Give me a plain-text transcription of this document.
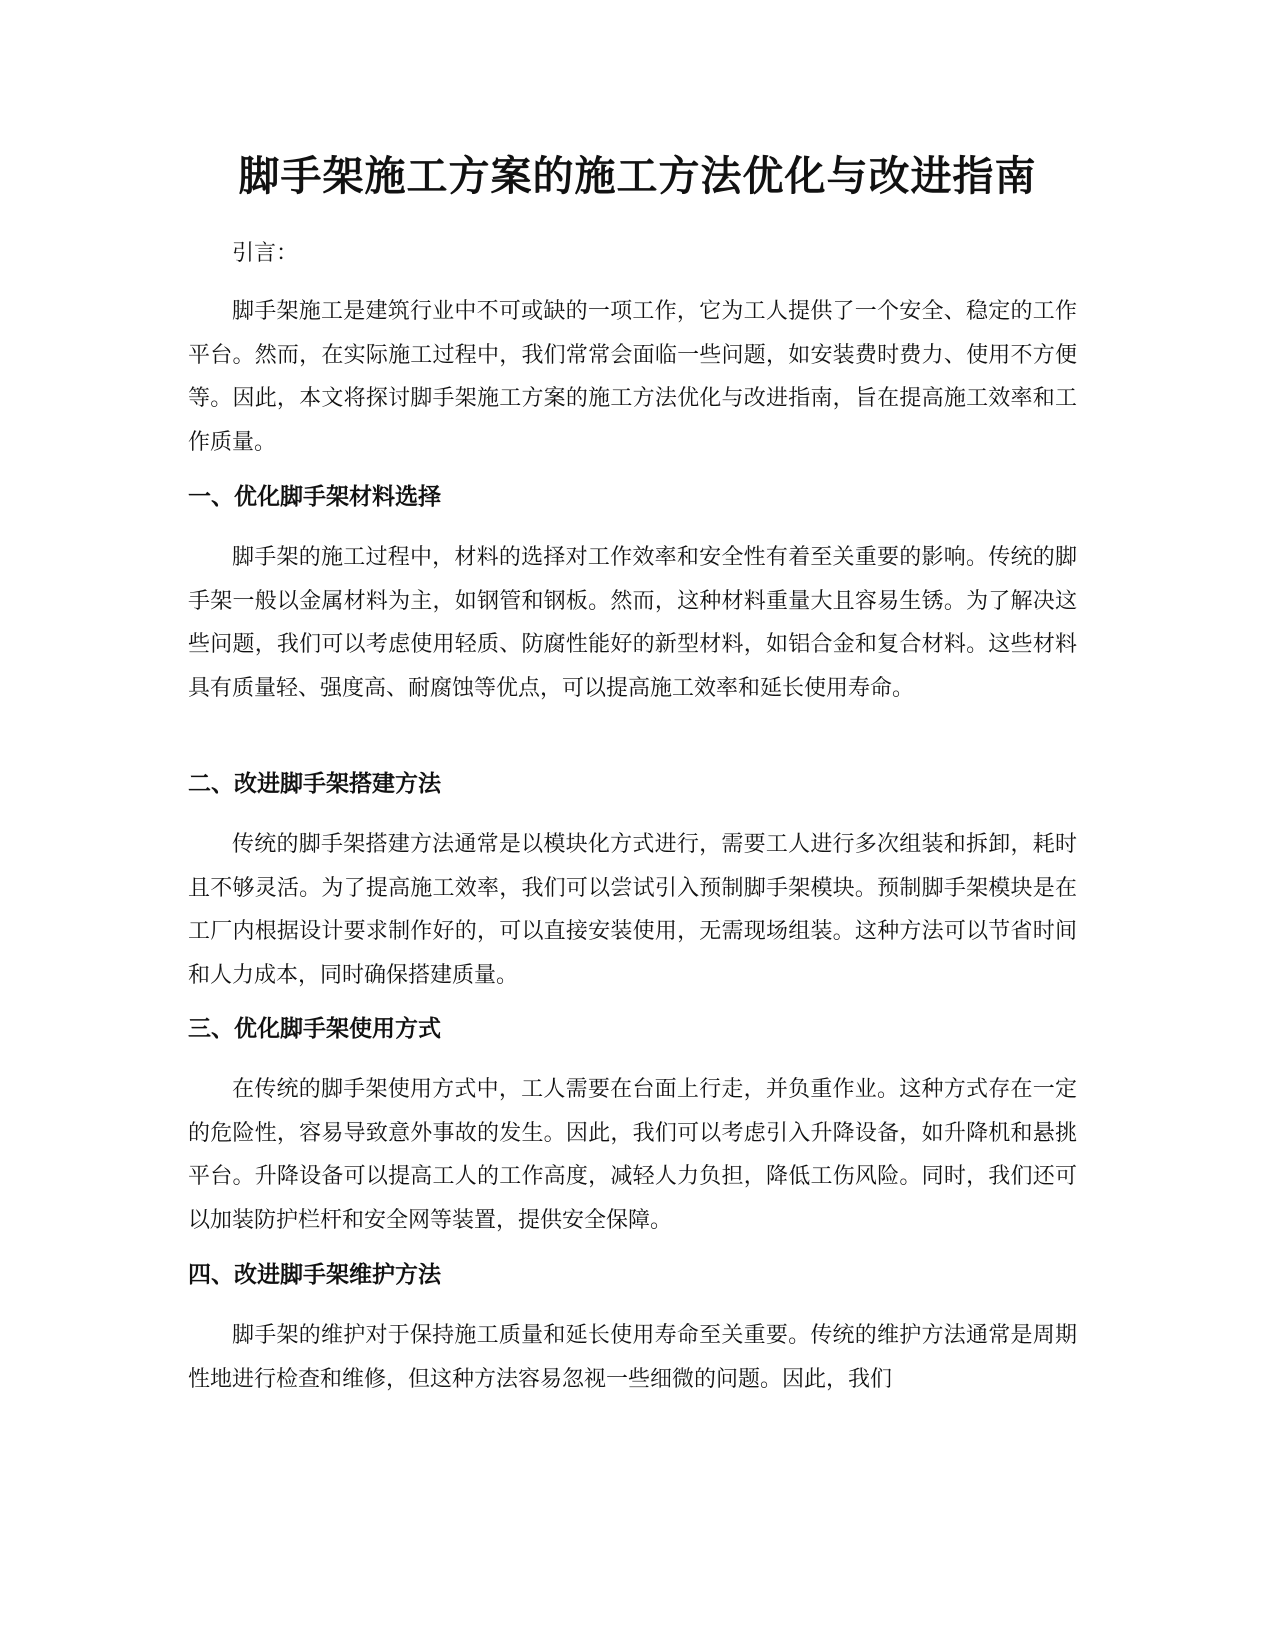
脚手架施工方案的施工方法优化与改进指南

引言：

脚手架施工是建筑行业中不可或缺的一项工作，它为工人提供了一个安全、稳定的工作平台。然而，在实际施工过程中，我们常常会面临一些问题，如安装费时费力、使用不方便等。因此，本文将探讨脚手架施工方案的施工方法优化与改进指南，旨在提高施工效率和工作质量。

一、优化脚手架材料选择

脚手架的施工过程中，材料的选择对工作效率和安全性有着至关重要的影响。传统的脚手架一般以金属材料为主，如钢管和钢板。然而，这种材料重量大且容易生锈。为了解决这些问题，我们可以考虑使用轻质、防腐性能好的新型材料，如铝合金和复合材料。这些材料具有质量轻、强度高、耐腐蚀等优点，可以提高施工效率和延长使用寿命。

二、改进脚手架搭建方法

传统的脚手架搭建方法通常是以模块化方式进行，需要工人进行多次组装和拆卸，耗时且不够灵活。为了提高施工效率，我们可以尝试引入预制脚手架模块。预制脚手架模块是在工厂内根据设计要求制作好的，可以直接安装使用，无需现场组装。这种方法可以节省时间和人力成本，同时确保搭建质量。

三、优化脚手架使用方式

在传统的脚手架使用方式中，工人需要在台面上行走，并负重作业。这种方式存在一定的危险性，容易导致意外事故的发生。因此，我们可以考虑引入升降设备，如升降机和悬挑平台。升降设备可以提高工人的工作高度，减轻人力负担，降低工伤风险。同时，我们还可以加装防护栏杆和安全网等装置，提供安全保障。

四、改进脚手架维护方法

脚手架的维护对于保持施工质量和延长使用寿命至关重要。传统的维护方法通常是周期性地进行检查和维修，但这种方法容易忽视一些细微的问题。因此，我们
